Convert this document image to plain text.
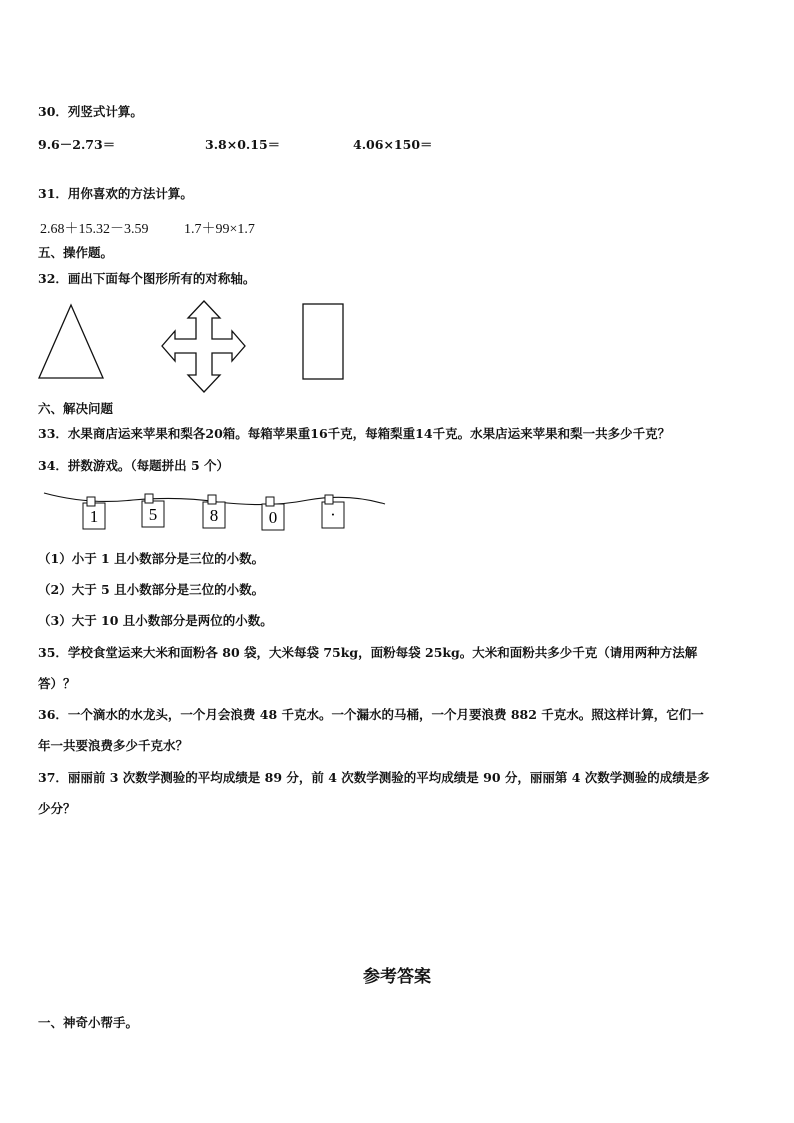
30．列竖式计算。
9.6－2.73＝	3.8×0.15＝	4.06×150＝
31．用你喜欢的方法计算。
2.68＋15.32－3.59	1.7＋99×1.7
五、操作题。
32．画出下面每个图形所有的对称轴。
六、解决问题
33．水果商店运来苹果和梨各20箱。每箱苹果重16千克，每箱梨重14千克。水果店运来苹果和梨一共多少千克？
34．拼数游戏。（每题拼出 5 个）
1	5	8	0	·
（1）小于 1 且小数部分是三位的小数。
（2）大于 5 且小数部分是三位的小数。
（3）大于 10 且小数部分是两位的小数。
35．学校食堂运来大米和面粉各 80 袋，大米每袋 75kg，面粉每袋 25kg。大米和面粉共多少千克（请用两种方法解
答）？
36．一个滴水的水龙头，一个月会浪费 48 千克水。一个漏水的马桶，一个月要浪费 882 千克水。照这样计算，它们一
年一共要浪费多少千克水？
37．丽丽前 3 次数学测验的平均成绩是 89 分，前 4 次数学测验的平均成绩是 90 分，丽丽第 4 次数学测验的成绩是多
少分？
参考答案
一、神奇小帮手。
